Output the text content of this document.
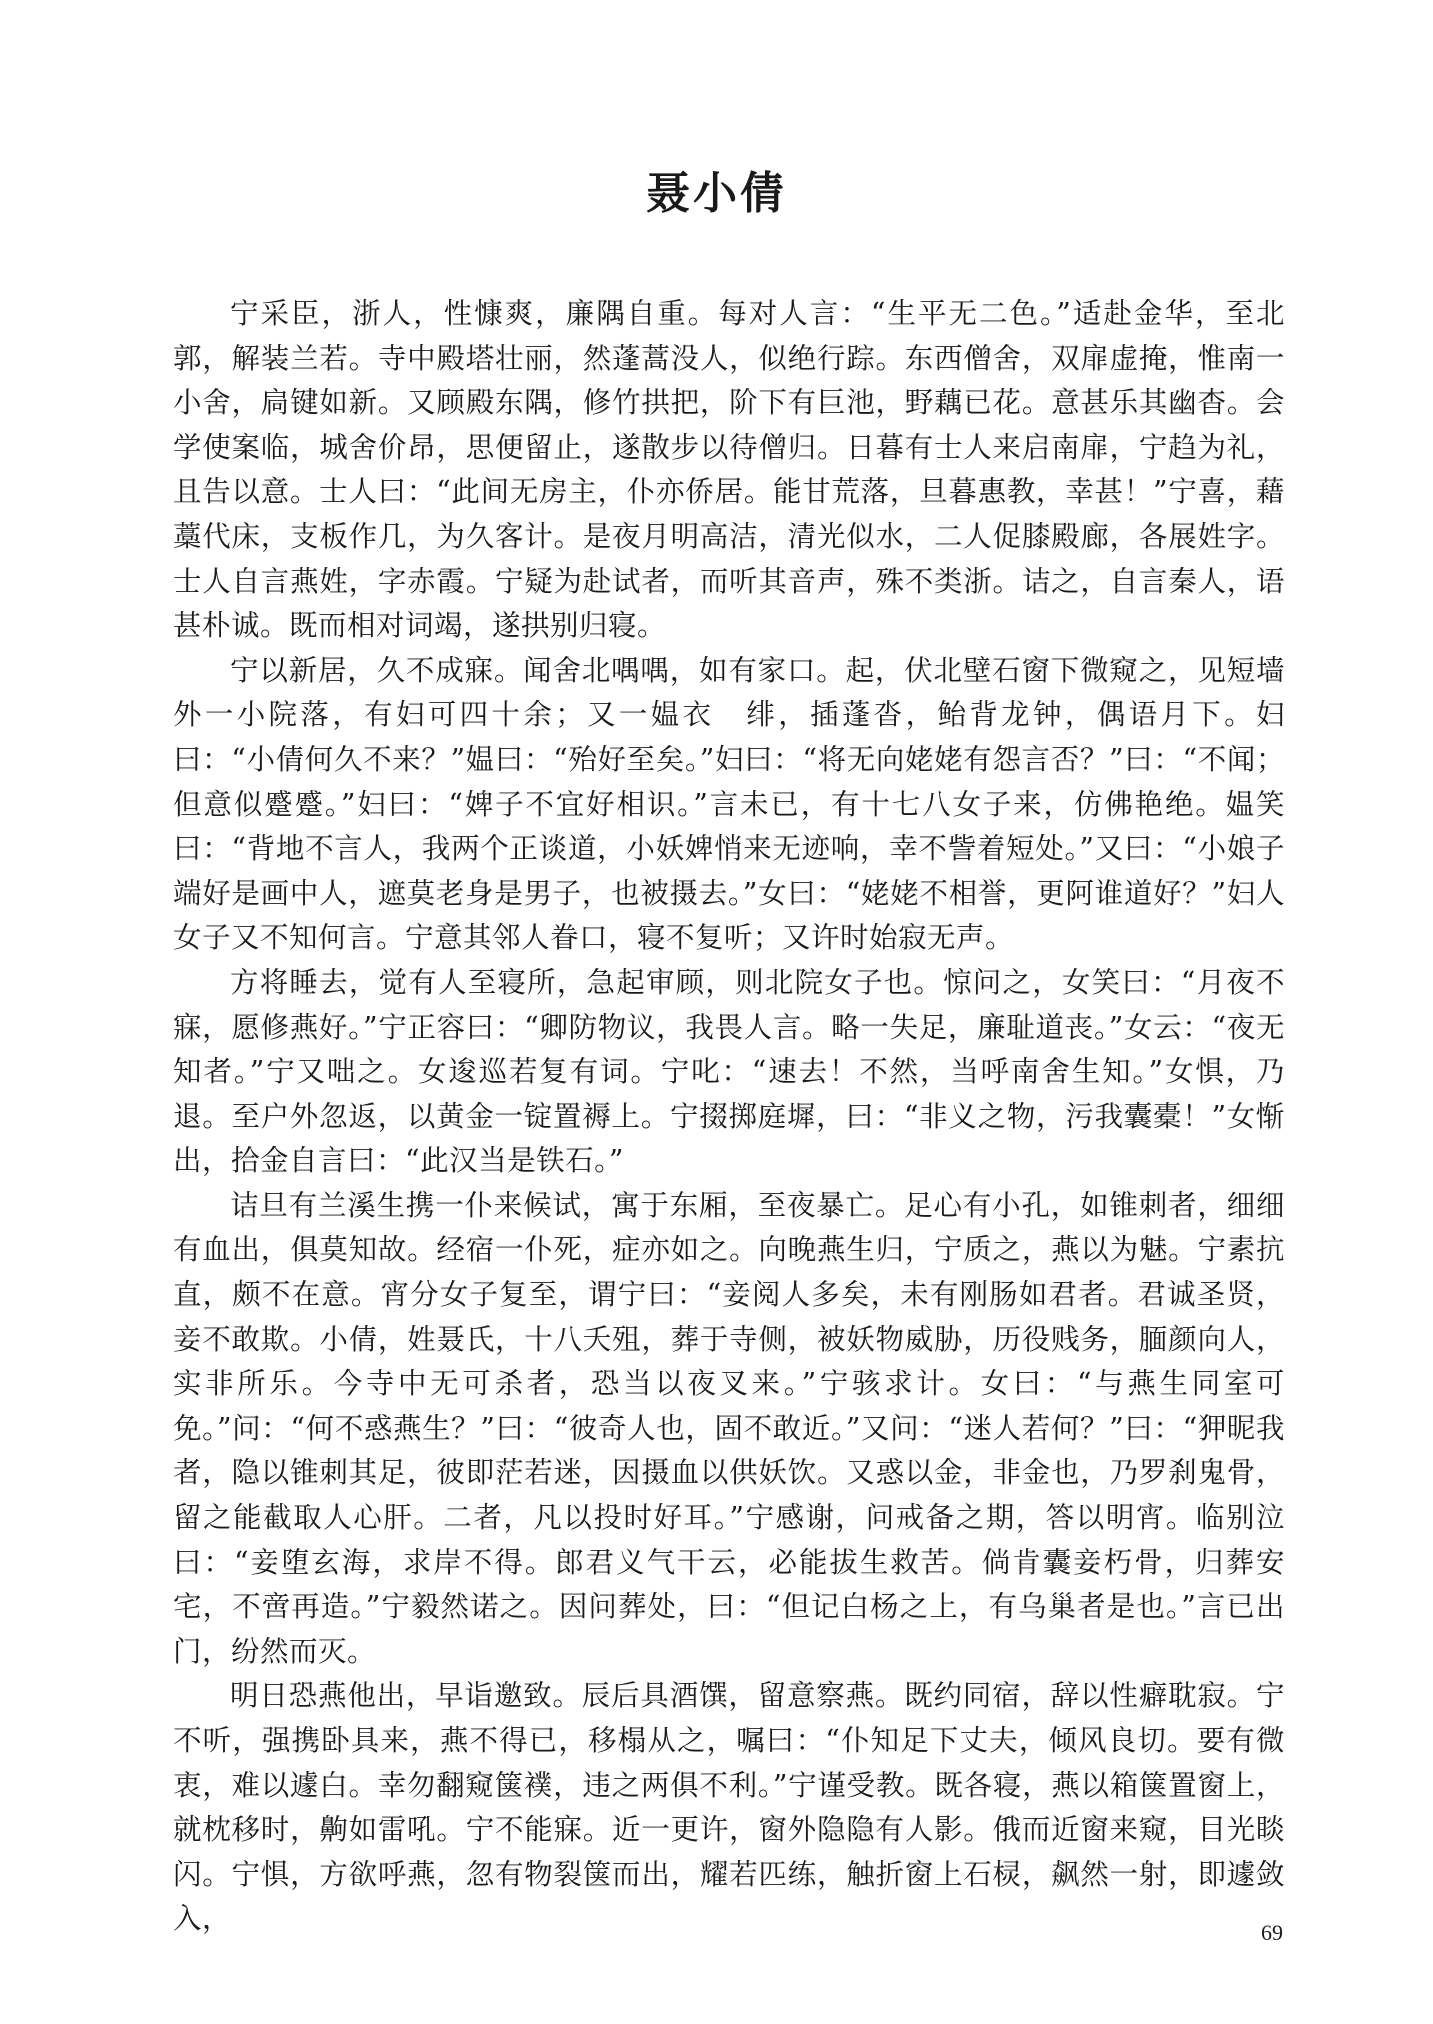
聂小倩

宁采臣，浙人，性慷爽，廉隅自重。每对人言：“生平无二色。”适赴金华，至北郭，解装兰若。寺中殿塔壮丽，然蓬蒿没人，似绝行踪。东西僧舍，双扉虚掩，惟南一小舍，扃键如新。又顾殿东隅，修竹拱把，阶下有巨池，野藕已花。意甚乐其幽杳。会学使案临，城舍价昂，思便留止，遂散步以待僧归。日暮有士人来启南扉，宁趋为礼，且告以意。士人曰：“此间无房主，仆亦侨居。能甘荒落，旦暮惠教，幸甚！”宁喜，藉藁代床，支板作几，为久客计。是夜月明高洁，清光似水，二人促膝殿廊，各展姓字。士人自言燕姓，字赤霞。宁疑为赴试者，而听其音声，殊不类浙。诘之，自言秦人，语甚朴诚。既而相对词竭，遂拱别归寝。

宁以新居，久不成寐。闻舍北喁喁，如有家口。起，伏北壁石窗下微窥之，见短墙外一小院落，有妇可四十余；又一媪衣　绯，插蓬沓，鲐背龙钟，偶语月下。妇曰：“小倩何久不来？”媪曰：“殆好至矣。”妇曰：“将无向姥姥有怨言否？”曰：“不闻；但意似蹙蹙。”妇曰：“婢子不宜好相识。”言未已，有十七八女子来，仿佛艳绝。媪笑曰：“背地不言人，我两个正谈道，小妖婢悄来无迹响，幸不訾着短处。”又曰：“小娘子端好是画中人，遮莫老身是男子，也被摄去。”女曰：“姥姥不相誉，更阿谁道好？”妇人女子又不知何言。宁意其邻人眷口，寝不复听；又许时始寂无声。

方将睡去，觉有人至寝所，急起审顾，则北院女子也。惊问之，女笑曰：“月夜不寐，愿修燕好。”宁正容曰：“卿防物议，我畏人言。略一失足，廉耻道丧。”女云：“夜无知者。”宁又咄之。女逡巡若复有词。宁叱：“速去！不然，当呼南舍生知。”女惧，乃退。至户外忽返，以黄金一锭置褥上。宁掇掷庭墀，曰：“非义之物，污我囊橐！”女惭出，拾金自言曰：“此汉当是铁石。”

诘旦有兰溪生携一仆来候试，寓于东厢，至夜暴亡。足心有小孔，如锥刺者，细细有血出，俱莫知故。经宿一仆死，症亦如之。向晚燕生归，宁质之，燕以为魅。宁素抗直，颇不在意。宵分女子复至，谓宁曰：“妾阅人多矣，未有刚肠如君者。君诚圣贤，妾不敢欺。小倩，姓聂氏，十八夭殂，葬于寺侧，被妖物威胁，历役贱务，腼颜向人，实非所乐。今寺中无可杀者，恐当以夜叉来。”宁骇求计。女曰：“与燕生同室可免。”问：“何不惑燕生？”曰：“彼奇人也，固不敢近。”又问：“迷人若何？”曰：“狎昵我者，隐以锥刺其足，彼即茫若迷，因摄血以供妖饮。又惑以金，非金也，乃罗刹鬼骨，留之能截取人心肝。二者，凡以投时好耳。”宁感谢，问戒备之期，答以明宵。临别泣曰：“妾堕玄海，求岸不得。郎君义气干云，必能拔生救苦。倘肯囊妾朽骨，归葬安宅，不啻再造。”宁毅然诺之。因问葬处，曰：“但记白杨之上，有乌巢者是也。”言已出门，纷然而灭。

明日恐燕他出，早诣邀致。辰后具酒馔，留意察燕。既约同宿，辞以性癖耽寂。宁不听，强携卧具来，燕不得已，移榻从之，嘱曰：“仆知足下丈夫，倾风良切。要有微衷，难以遽白。幸勿翻窥箧襆，违之两俱不利。”宁谨受教。既各寝，燕以箱箧置窗上，就枕移时，齁如雷吼。宁不能寐。近一更许，窗外隐隐有人影。俄而近窗来窥，目光睒闪。宁惧，方欲呼燕，忽有物裂箧而出，耀若匹练，触折窗上石棂，飙然一射，即遽敛入，	69
